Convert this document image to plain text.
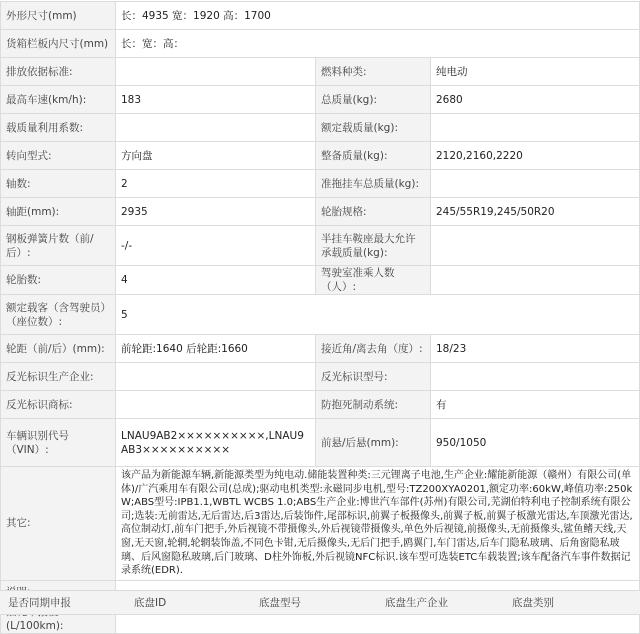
外形尺寸(mm)	长：4935 宽：1920 高：1700		
货箱栏板内尺寸(mm)	长：宽：高：		
排放依据标准:		燃料种类:	纯电动
最高车速(km/h):	183	总质量(kg):	2680
载质量利用系数:		额定载质量(kg):	
转向型式:	方向盘	整备质量(kg):	2120,2160,2220
轴数:	2	准拖挂车总质量(kg):	
轴距(mm):	2935	轮胎规格:	245/55R19,245/50R20
钢板弹簧片数（前/后）:	-/-	半挂车鞍座最大允许承载质量(kg):	
轮胎数:	4	驾驶室准乘人数（人）:	
额定载客（含驾驶员）（座位数）:	5		
轮距（前/后）(mm):	前轮距:1640 后轮距:1660	接近角/离去角（度）:	18/23
反光标识生产企业:		反光标识型号:	
反光标识商标:		防抱死制动系统:	有
车辆识别代号（VIN）:	LNAU9AB2××××××××××,LNAU9AB3××××××××××	前悬/后悬(mm):	950/1050
其它:	该产品为新能源车辆,新能源类型为纯电动.储能装置种类:三元锂离子电池,生产企业:耀能新能源（赣州）有限公司(单体)/广汽乘用车有限公司(总成);驱动电机类型:永磁同步电机,型号:TZ200XYA0201,额定功率:60kW,峰值功率:250kW;ABS型号:IPB1.1,WBTL WCBS 1.0;ABS生产企业:博世汽车部件(苏州)有限公司,芜湖伯特利电子控制系统有限公司;选装:无前雷达,无后雷达,后3雷达,后装饰件,尾部标识,前翼子板摄像头,前翼子板,前翼子板激光雷达,车顶激光雷达,高位制动灯,前车门把手,外后视镜不带摄像头,外后视镜带摄像头,单色外后视镜,前摄像头,无前摄像头,鲨鱼鳍天线,天窗,无天窗,轮辋,轮辋装饰盖,不同色卡钳,无后摄像头,无后门把手,鸥翼门,车门雷达,后车门隐私玻璃、后角窗隐私玻璃、后风窗隐私玻璃,后门玻璃、D柱外饰板,外后视镜NFC标识.该车型可选装ETC车载装置;该车配备汽车事件数据记录系统(EDR).		

(L/100km):			
是否同期申报	底盘ID	底盘型号	底盘生产企业	底盘类别
